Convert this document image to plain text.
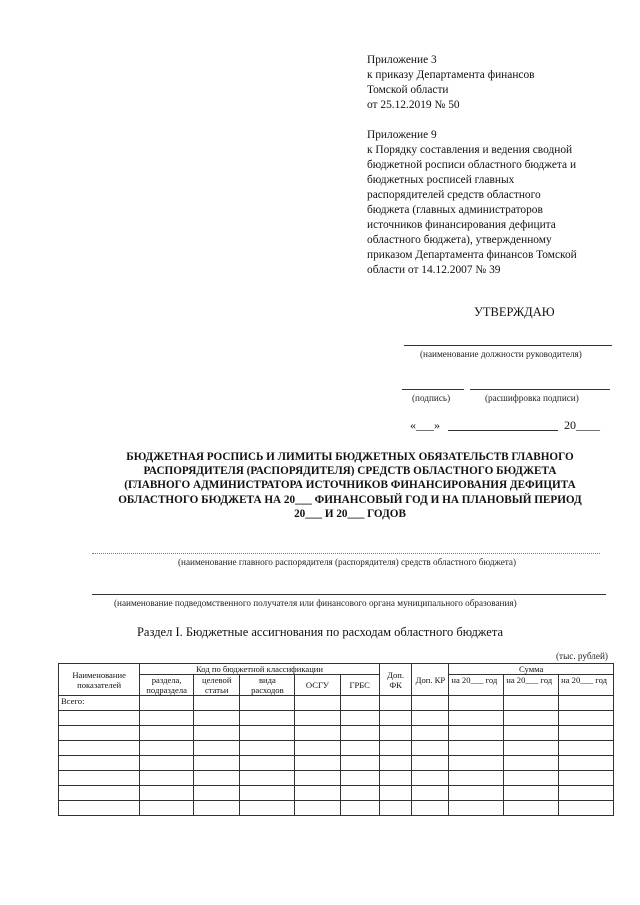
Приложение 3
к приказу Департамента финансов
Томской области
от 25.12.2019 № 50
Приложение 9
к Порядку составления и ведения сводной
бюджетной росписи областного бюджета и
бюджетных росписей главных
распорядителей средств областного
бюджета (главных администраторов
источников финансирования дефицита
областного бюджета), утвержденному
приказом Департамента финансов Томской
области от 14.12.2007 № 39
УТВЕРЖДАЮ
(наименование должности руководителя)
(подпись)	(расшифровка подписи)
«___»	20____
БЮДЖЕТНАЯ РОСПИСЬ И ЛИМИТЫ БЮДЖЕТНЫХ ОБЯЗАТЕЛЬСТВ ГЛАВНОГО
РАСПОРЯДИТЕЛЯ (РАСПОРЯДИТЕЛЯ) СРЕДСТВ ОБЛАСТНОГО БЮДЖЕТА
(ГЛАВНОГО АДМИНИСТРАТОРА ИСТОЧНИКОВ ФИНАНСИРОВАНИЯ ДЕФИЦИТА
ОБЛАСТНОГО БЮДЖЕТА НА 20___ ФИНАНСОВЫЙ ГОД И НА ПЛАНОВЫЙ ПЕРИОД
20___ И 20___ ГОДОВ
(наименование главного распорядителя (распорядителя) средств областного бюджета)
(наименование подведомственного получателя или финансового органа муниципального образования)
Раздел I. Бюджетные ассигнования по расходам областного бюджета
(тыс. рублей)
Наименование показателей	Код по бюджетной классификации					Доп. ФК	Доп. КР	Сумма		
	раздела, подраздела	целевой статьи	вида расходов	ОСГУ	ГРБС			на 20___ год	на 20___ год	на 20___ год
Всего:										
